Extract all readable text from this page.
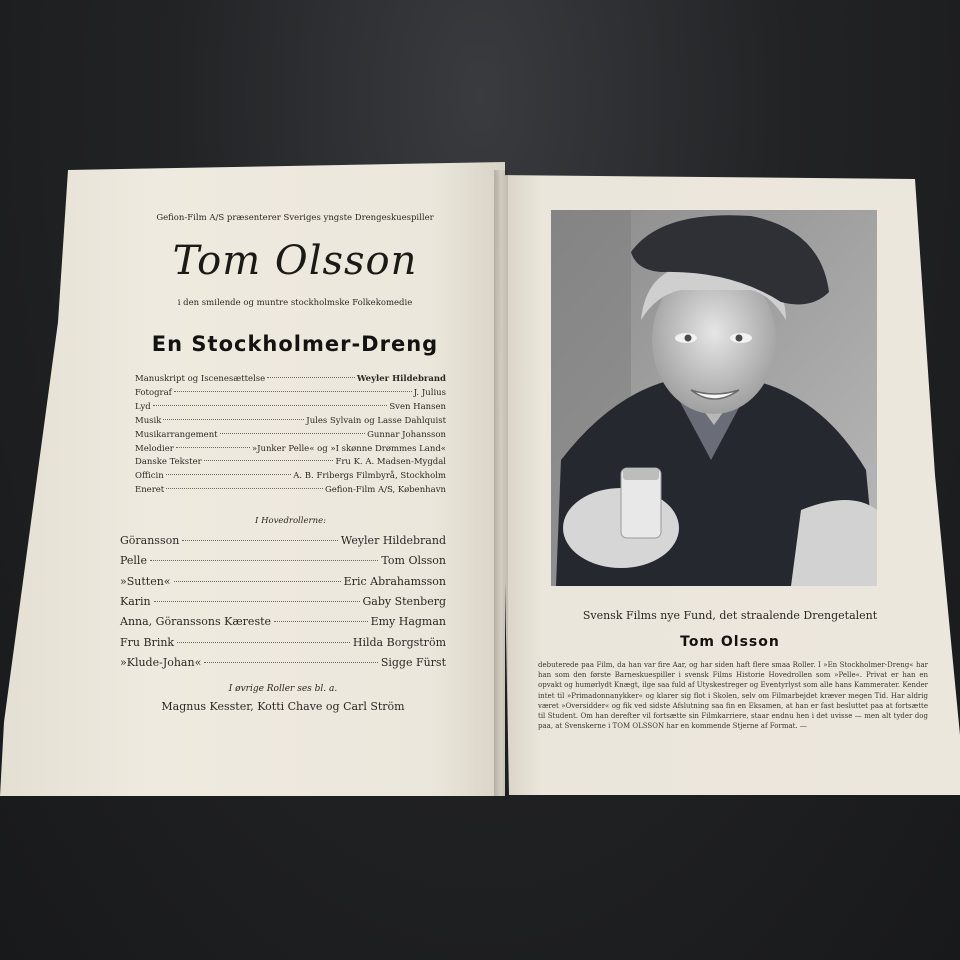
Gefion-Film A/S præsenterer Sveriges yngste Drengeskuespiller
Tom Olsson
i den smilende og muntre stockholmske Folkekomedie
En Stockholmer-Dreng
Manuskript og Iscenesættelse	Weyler Hildebrand
Fotograf	J. Julius
Lyd	Sven Hansen
Musik	Jules Sylvain og Lasse Dahlquist
Musikarrangement	Gunnar Johansson
Melodier	»Junker Pelle« og »I skønne Drømmes Land«
Danske Tekster	Fru K. A. Madsen-Mygdal
Officin	A. B. Fribergs Filmbyrå, Stockholm
Eneret	Gefion-Film A/S, København
I Hovedrollerne:
Göransson	Weyler Hildebrand
Pelle	Tom Olsson
»Sutten«	Eric Abrahamsson
Karin	Gaby Stenberg
Anna, Göranssons Kæreste	Emy Hagman
Fru Brink	Hilda Borgström
»Klude-Johan«	Sigge Fürst
I øvrige Roller ses bl. a.
Magnus Kesster, Kotti Chave og Carl Ström
Svensk Films nye Fund, det straalende Drengetalent
Tom Olsson
debuterede paa Film, da han var fire Aar, og har siden haft flere smaa Roller. I »En Stockholmer-Dreng« har han som den første Barneskuespiller i svensk Films Historie Hovedrollen som »Pelle«. Privat er han en opvakt og humørlydt Knægt, ilge saa fuld af Utyskestreger og Eventyrlyst som alle hans Kammerater. Kender intet til »Primadonnanykker« og klarer sig flot i Skolen, selv om Filmarbejdet kræver megen Tid. Har aldrig været »Oversidder« og fik ved sidste Afslutning saa fin en Eksamen, at han er fast besluttet paa at fortsætte til Student. Om han derefter vil fortsætte sin Filmkarriere, staar endnu hen i det uvisse — men alt tyder dog paa, at Svenskerne i TOM OLSSON har en kommende Stjerne af Format. —
